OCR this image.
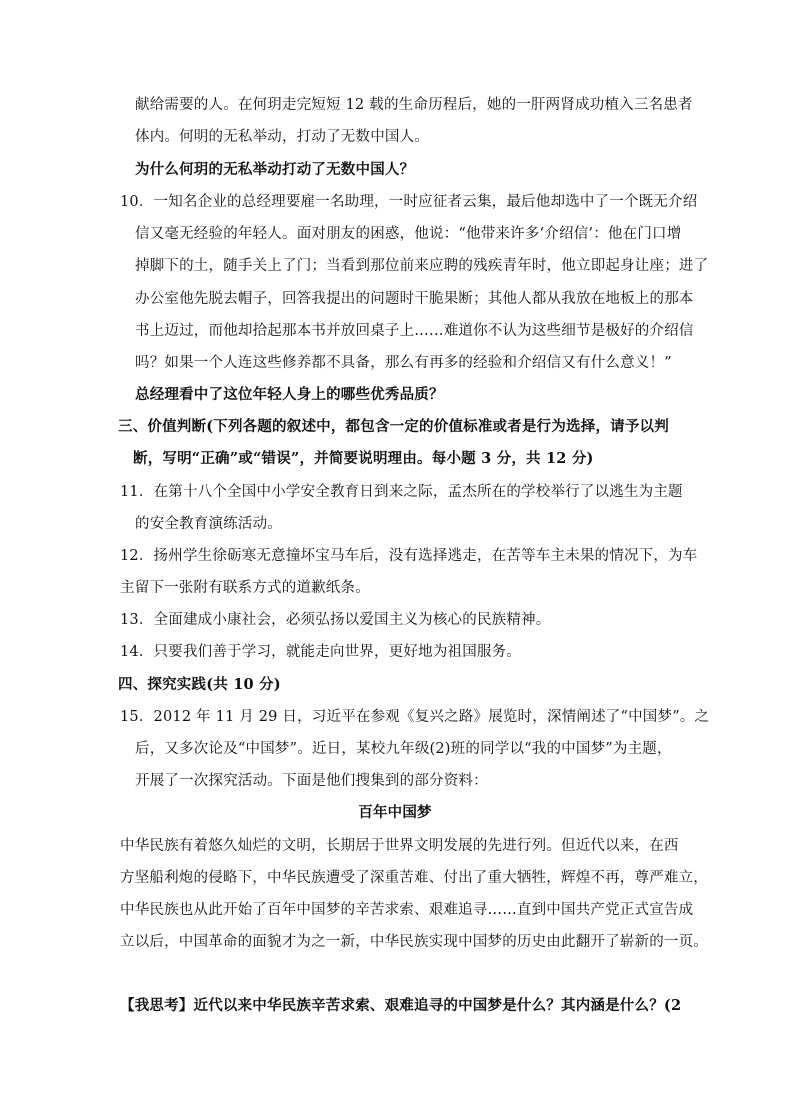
献给需要的人。在何玥走完短短 12 载的生命历程后，她的一肝两肾成功植入三名患者
体内。何明的无私举动，打动了无数中国人。
为什么何玥的无私举动打动了无数中国人？
10．一知名企业的总经理要雇一名助理，一时应征者云集，最后他却选中了一个既无介绍
信又毫无经验的年轻人。面对朋友的困惑，他说：“他带来许多‘介绍信’：他在门口增
掉脚下的土，随手关上了门；当看到那位前来应聘的残疾青年时，他立即起身让座；进了
办公室他先脱去帽子，回答我提出的问题时干脆果断；其他人都从我放在地板上的那本
书上迈过，而他却拾起那本书并放回桌子上……难道你不认为这些细节是极好的介绍信
吗？如果一个人连这些修养都不具备，那么有再多的经验和介绍信又有什么意义！”
总经理看中了这位年轻人身上的哪些优秀品质？
三、价值判断(下列各题的叙述中，都包含一定的价值标准或者是行为选择，请予以判
断，写明“正确”或“错误”，并简要说明理由。每小题 3 分，共 12 分)
11．在第十八个全国中小学安全教育日到来之际，孟杰所在的学校举行了以逃生为主题
的安全教育演练活动。
12．扬州学生徐砺寒无意撞坏宝马车后，没有选择逃走，在苦等车主未果的情况下，为车
主留下一张附有联系方式的道歉纸条。
13．全面建成小康社会，必须弘扬以爱国主义为核心的民族精神。
14．只要我们善于学习，就能走向世界，更好地为祖国服务。
四、探究实践(共 10 分)
15．2012 年 11 月 29 日，习近平在参观《复兴之路》展览时，深情阐述了“中国梦”。之
后，又多次论及“中国梦”。近日，某校九年级(2)班的同学以“我的中国梦”为主题，
开展了一次探究活动。下面是他们搜集到的部分资料：
百年中国梦
中华民族有着悠久灿烂的文明，长期居于世界文明发展的先进行列。但近代以来，在西
方坚船利炮的侵略下，中华民族遭受了深重苦难、付出了重大牺牲，辉煌不再，尊严难立，
中华民族也从此开始了百年中国梦的辛苦求索、艰难追寻……直到中国共产党正式宣告成
立以后，中国革命的面貌才为之一新，中华民族实现中国梦的历史由此翻开了崭新的一页。
【我思考】近代以来中华民族辛苦求索、艰难追寻的中国梦是什么？其内涵是什么？(2
